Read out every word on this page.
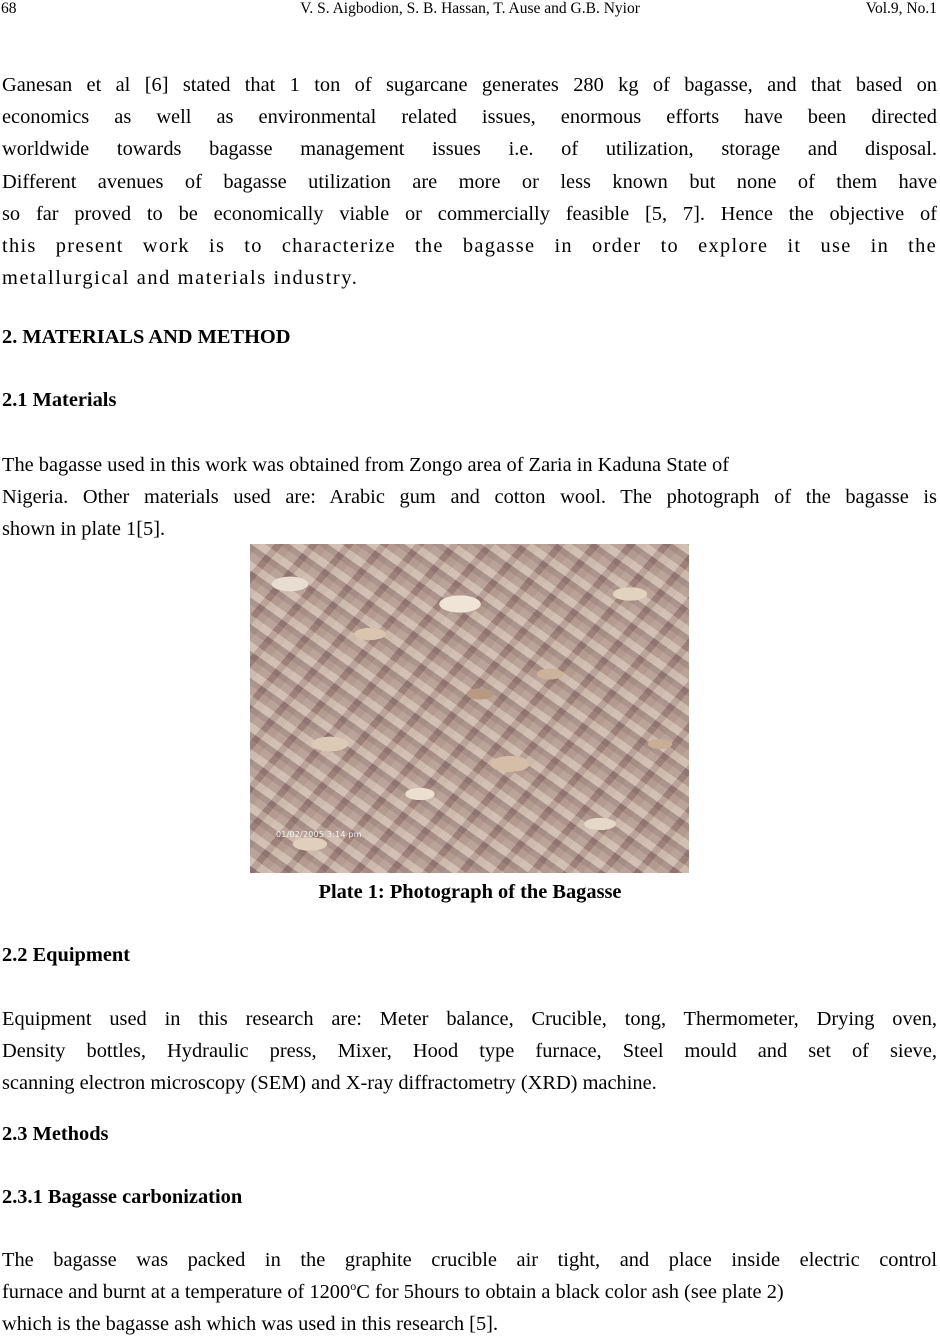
68	V. S. Aigbodion, S. B. Hassan, T. Ause and G.B. Nyior	Vol.9, No.1
Ganesan et al [6] stated that 1 ton of sugarcane generates 280 kg of bagasse, and that based on
economics as well as environmental related issues, enormous efforts have been directed
worldwide towards bagasse management issues i.e. of utilization, storage and disposal.
Different avenues of bagasse utilization are more or less known but none of them have
so far proved to be economically viable or commercially feasible [5, 7]. Hence the objective of
this present work is to characterize the bagasse in order to explore it use in the
metallurgical and materials industry.
2. MATERIALS AND METHOD
2.1 Materials
The bagasse used in this work was obtained from Zongo area of Zaria in Kaduna State of
Nigeria. Other materials used are: Arabic gum and cotton wool. The photograph of the bagasse is
shown in plate 1[5].
01/02/2005 3:14 pm

Plate 1: Photograph of the Bagasse

2.2 Equipment
Equipment used in this research are: Meter balance, Crucible, tong, Thermometer, Drying oven,
Density bottles, Hydraulic press, Mixer, Hood type furnace, Steel mould and set of sieve,
scanning electron microscopy (SEM) and X-ray diffractometry (XRD) machine.
2.3 Methods
2.3.1 Bagasse carbonization
The bagasse was packed in the graphite crucible air tight, and place inside electric control
furnace and burnt at a temperature of 1200$^o$C for 5hours to obtain a black color ash (see plate 2)
which is the bagasse ash which was used in this research [5].
